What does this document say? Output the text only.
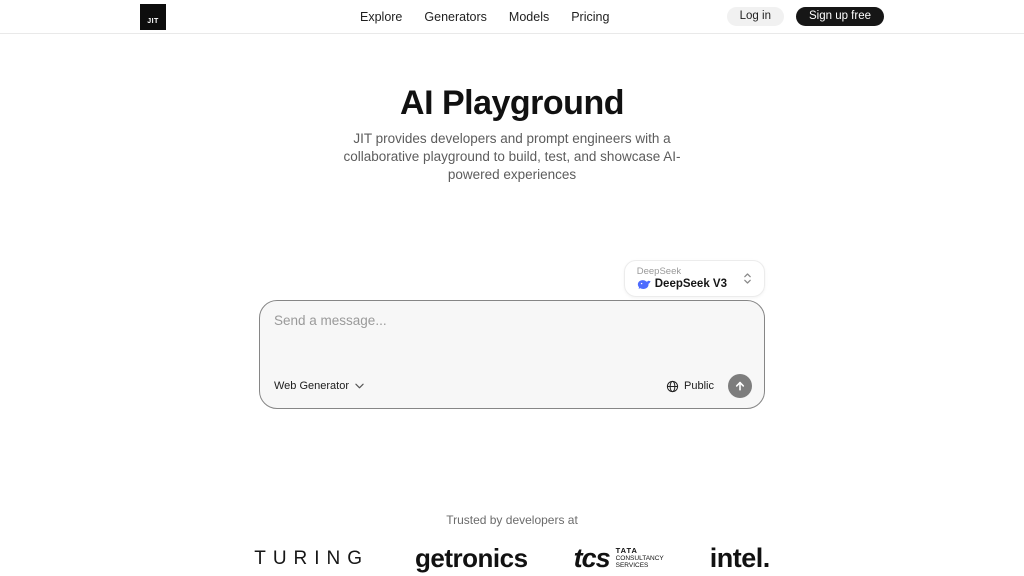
JIT	Explore Generators Models Pricing	Log in	Sign up free
AI Playground

JIT provides developers and prompt engineers with a collaborative playground to build, test, and showcase AI-powered experiences

DeepSeek
DeepSeek V3
Send a message...
Web Generator	Public
Trusted by developers at
TURING getronics tcs TATA
CONSULTANCY
SERVICES	intel.
